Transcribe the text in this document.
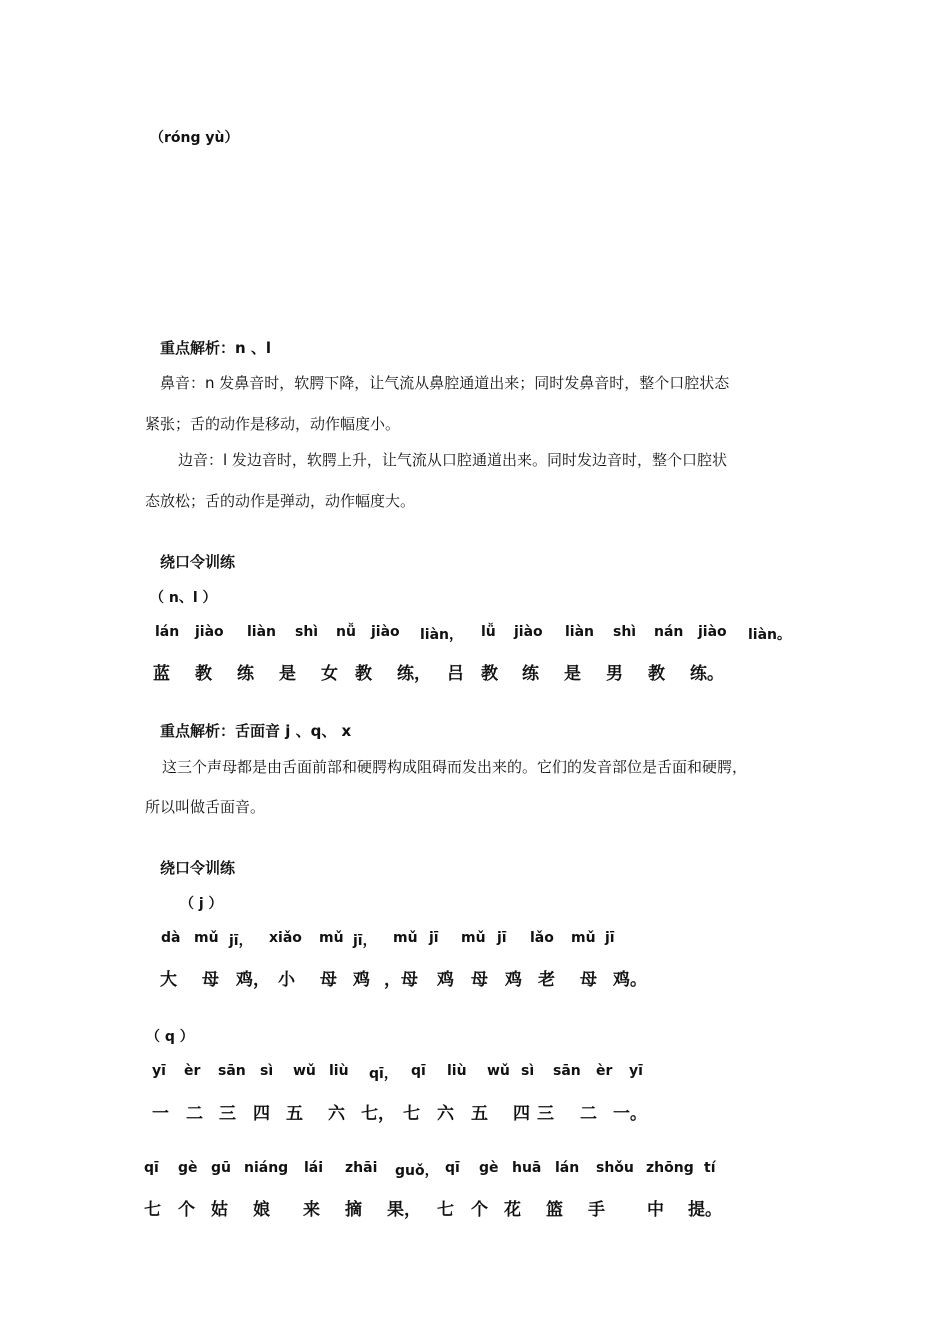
（róng yù）
重点解析：n 、l
鼻音：n 发鼻音时，软腭下降，让气流从鼻腔通道出来；同时发鼻音时，整个口腔状态
紧张；舌的动作是移动，动作幅度小。
边音：l 发边音时，软腭上升，让气流从口腔通道出来。同时发边音时，整个口腔状
态放松；舌的动作是弹动，动作幅度大。
绕口令训练
（ n、l ）
lán jiào liàn shì nǚ jiào liàn， lǚ jiào liàn shì nán jiào liàn。
蓝 教 练 是 女 教 练， 吕 教 练 是 男 教 练。
重点解析：舌面音 j 、q、 x
这三个声母都是由舌面前部和硬腭构成阻碍而发出来的。它们的发音部位是舌面和硬腭，
所以叫做舌面音。
绕口令训练
（ j ）
dà mǔ jī， xiǎo mǔ jī， mǔ jī mǔ jī lǎo mǔ jī
大 母 鸡， 小 母 鸡 ，母 鸡 母 鸡 老 母 鸡。
（ q ）
yī èr sān sì wǔ liù qī， qī liù wǔ sì sān èr yī
一 二 三 四 五 六 七， 七 六 五 四 三 二 一。
qī gè gū niáng lái zhāi guǒ， qī gè huā lán shǒu zhōng tí
七 个 姑 娘 来 摘 果， 七 个 花 篮 手 中 提。
